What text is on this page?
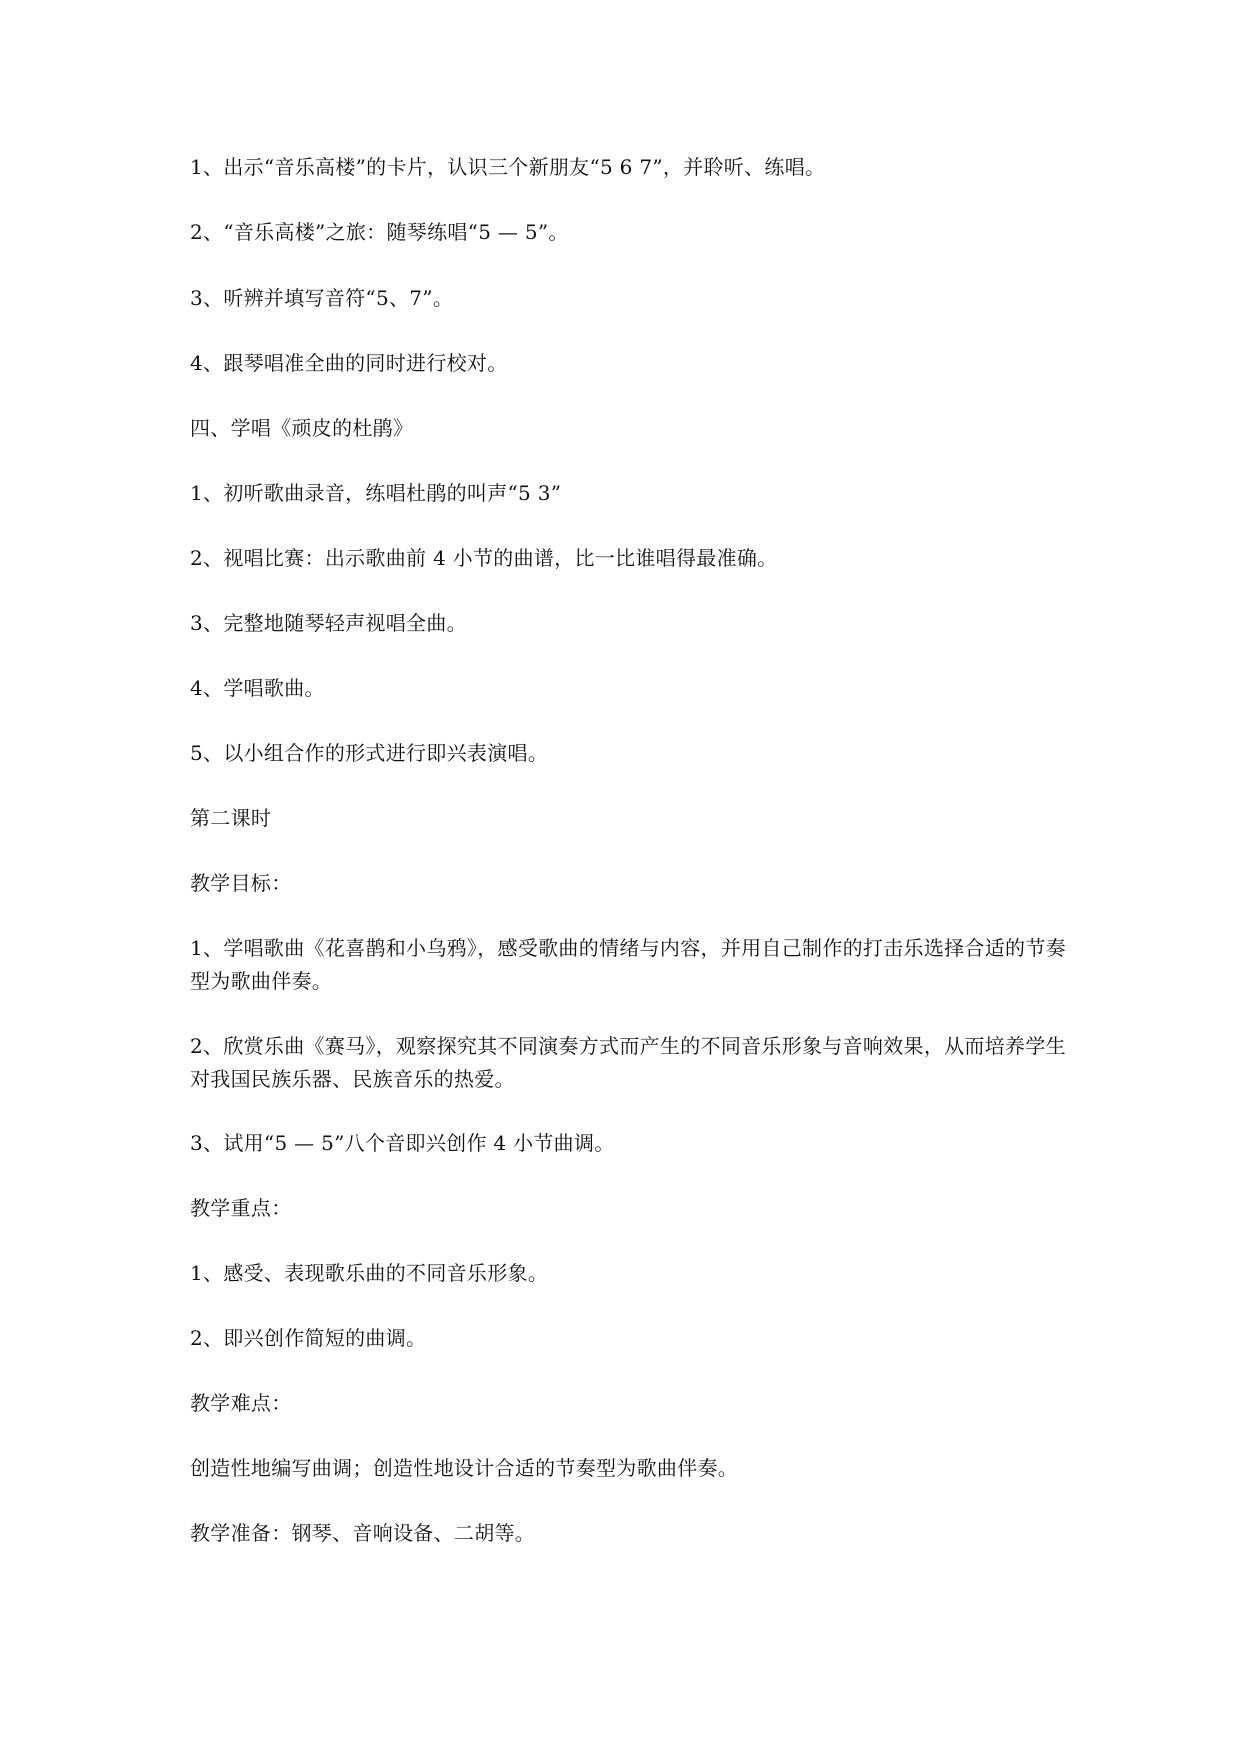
1、出示“音乐高楼”的卡片，认识三个新朋友“5 6 7”，并聆听、练唱。

2、“音乐高楼”之旅：随琴练唱“5 — 5”。

3、听辨并填写音符“5、7”。

4、跟琴唱准全曲的同时进行校对。

四、学唱《顽皮的杜鹃》

1、初听歌曲录音，练唱杜鹃的叫声“5 3”

2、视唱比赛：出示歌曲前 4 小节的曲谱，比一比谁唱得最准确。

3、完整地随琴轻声视唱全曲。

4、学唱歌曲。

5、以小组合作的形式进行即兴表演唱。

第二课时

教学目标：

1、学唱歌曲《花喜鹊和小乌鸦》，感受歌曲的情绪与内容，并用自己制作的打击乐选择合适的节奏型为歌曲伴奏。

2、欣赏乐曲《赛马》，观察探究其不同演奏方式而产生的不同音乐形象与音响效果，从而培养学生对我国民族乐器、民族音乐的热爱。

3、试用“5 — 5”八个音即兴创作 4 小节曲调。

教学重点：

1、感受、表现歌乐曲的不同音乐形象。

2、即兴创作简短的曲调。

教学难点：

创造性地编写曲调；创造性地设计合适的节奏型为歌曲伴奏。

教学准备：钢琴、音响设备、二胡等。
